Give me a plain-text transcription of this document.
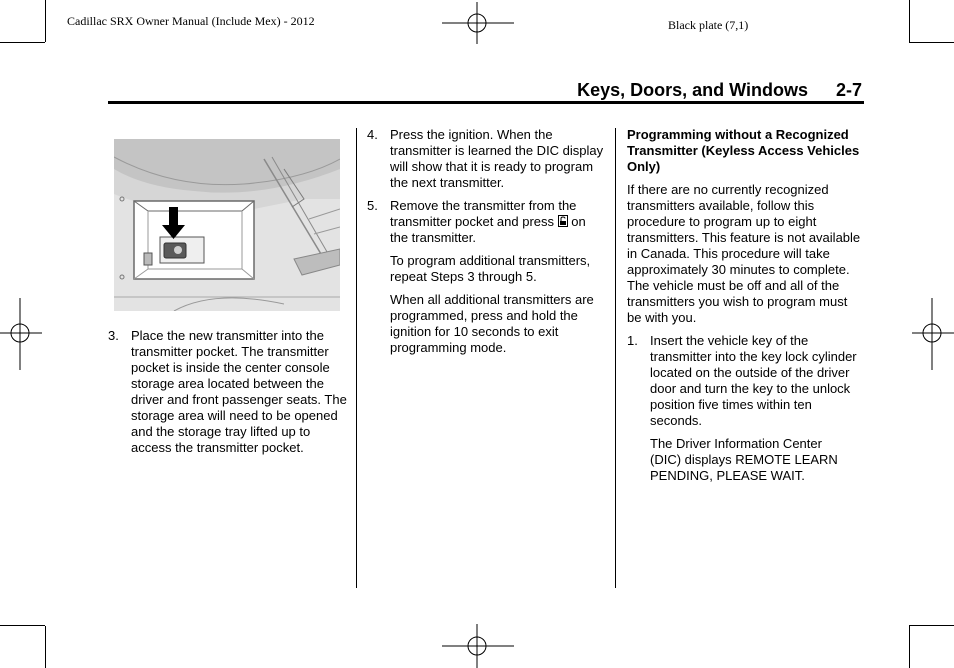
Cadillac SRX Owner Manual (Include Mex) - 2012	Black plate (7,1)
Keys, Doors, and Windows 2-7
3. Place the new transmitter into the transmitter pocket. The transmitter pocket is inside the center console storage area located between the driver and front passenger seats. The storage area will need to be opened and the storage tray lifted up to access the transmitter pocket.
4. Press the ignition. When the transmitter is learned the DIC display will show that it is ready to program the next transmitter.
5. Remove the transmitter from the transmitter pocket and press on the transmitter.
To program additional transmitters, repeat Steps 3 through 5.
When all additional transmitters are programmed, press and hold the ignition for 10 seconds to exit programming mode.
Programming without a Recognized Transmitter (Keyless Access Vehicles Only)
If there are no currently recognized transmitters available, follow this procedure to program up to eight transmitters. This feature is not available in Canada. This procedure will take approximately 30 minutes to complete. The vehicle must be off and all of the transmitters you wish to program must be with you.
1. Insert the vehicle key of the transmitter into the key lock cylinder located on the outside of the driver door and turn the key to the unlock position five times within ten seconds.
The Driver Information Center (DIC) displays REMOTE LEARN PENDING, PLEASE WAIT.
